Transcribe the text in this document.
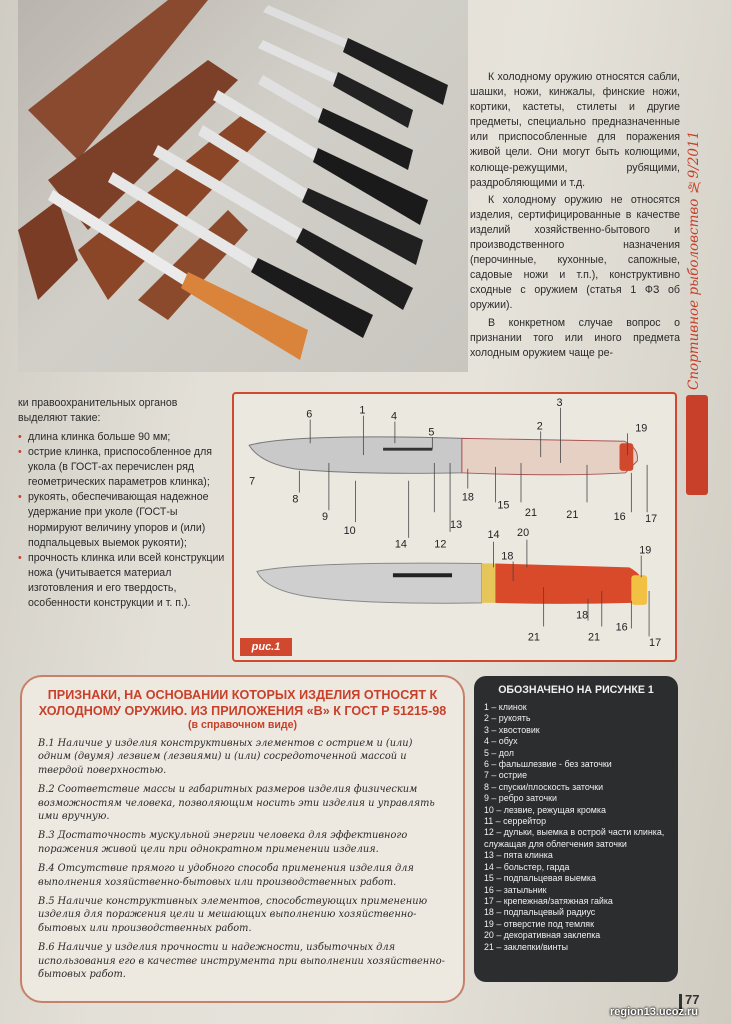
К холодному оружию относятся сабли, шашки, ножи, кинжалы, финские ножи, кортики, кастеты, стилеты и другие предметы, специально предназначенные или приспособленные для поражения живой цели. Они могут быть колющими, колюще-режущими, рубящими, раздробляющими и т.д.

К холодному оружию не относятся изделия, сертифицированные в качестве изделий хозяйственно-бытового и производственного назначения (перочинные, кухонные, сапожные, садовые ножи и т.п.), конструктивно сходные с оружием (статья 1 ФЗ об оружии).

В конкретном случае вопрос о признании того или иного предмета холодным оружием чаще ре-

ки правоохранительных органов выделяют такие:
• длина клинка больше 90 мм;
• острие клинка, приспособленное для укола (в ГОСТ-ах перечислен ряд геометрических параметров клинка);
• рукоять, обеспечивающая надежное удержание при уколе (ГОСТ-ы нормируют величину упоров и (или) подпальцевых выемок рукояти);
• прочность клинка или всей конструкции ножа (учитывается материал изготовления и его твердость, особенности конструкции и т. п.).
Спортивное рыболовство №9/2011
1
2
3
4
5
6
7
8
9
10
14 12
13
18
15
21	21	16 17
19
14 20
18
18
21	21
16
17
19
рис.1
ПРИЗНАКИ, НА ОСНОВАНИИ КОТОРЫХ ИЗДЕЛИЯ ОТНОСЯТ К ХОЛОДНОМУ ОРУЖИЮ. ИЗ ПРИЛОЖЕНИЯ «В» К ГОСТ Р 51215-98
(в справочном виде)

В.1 Наличие у изделия конструктивных элементов с острием и (или) одним (двумя) лезвием (лезвиями) и (или) сосредоточенной массой и твердой поверхностью.

В.2 Соответствие массы и габаритных размеров изделия физическим возможностям человека, позволяющим носить эти изделия и управлять ими вручную.

В.3 Достаточность мускульной энергии человека для эффективного поражения живой цели при однократном применении изделия.

В.4 Отсутствие прямого и удобного способа применения изделия для выполнения хозяйственно-бытовых или производственных работ.

В.5 Наличие конструктивных элементов, способствующих применению изделия для поражения цели и мешающих выполнению хозяйственно-бытовых или производственных работ.

В.6 Наличие у изделия прочности и надежности, избыточных для использования его в качестве инструмента при выполнении хозяйственно-бытовых работ.

ОБОЗНАЧЕНО НА РИСУНКЕ 1
1 – клинок
2 – рукоять
3 – хвостовик
4 – обух
5 – дол
6 – фальшлезвие - без заточки
7 – острие
8 – спуски/плоскость заточки
9 – ребро заточки
10 – лезвие, режущая кромка
11 – серрейтор
12 – дульки, выемка в острой части клинка, служащая для облегчения заточки
13 – пята клинка
14 – больстер, гарда
15 – подпальцевая выемка
16 – затыльник
17 – крепежная/затяжная гайка
18 – подпальцевый радиус
19 – отверстие под темляк
20 – декоративная заклепка
21 – заклепки/винты
77
region13.ucoz.ru
